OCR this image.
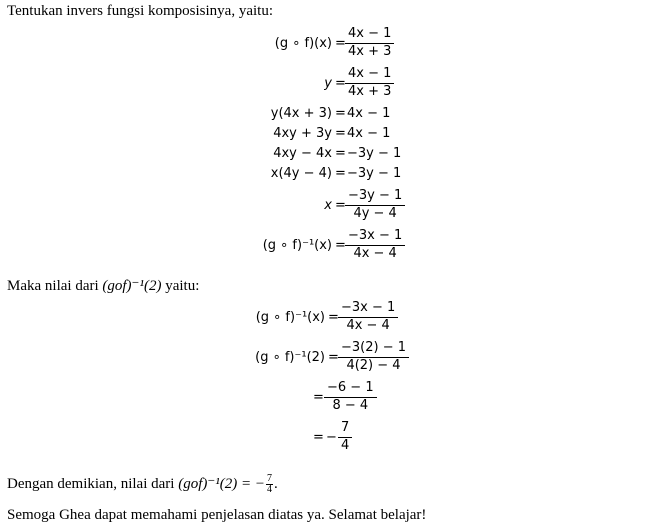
Tentukan invers fungsi komposisinya, yaitu:
(g ∘ $f)(x) = \frac{4x - 1}{4x + 3}$
$y = \frac{4x - 1}{4x + 3}$
y(4x + 3) = 4x − 1
4xy + 3y = 4x − 1
4xy − 4x = −3y − 1
x(4y − 4) = −3y − 1
$x = \frac{-3y - 1}{4y - 4}$
(g ∘ $f)^{-1}(x) = \frac{-3x - 1}{4x - 4}$
Maka nilai dari (gof)⁻¹(2) yaitu:
(g ∘ $f)^{-1}(x) = \frac{-3x - 1}{4x - 4}$
(g ∘ $f)^{-1}(2) = \frac{-3(2) - 1}{4(2) - 4}$
= $\frac{-6 - 1}{8 - 4}$
= − $\frac{7}{4}$
Dengan demikian, nilai dari (gof)⁻¹(2) = − $\frac{7}{4}$ .
Semoga Ghea dapat memahami penjelasan diatas ya. Selamat belajar!
